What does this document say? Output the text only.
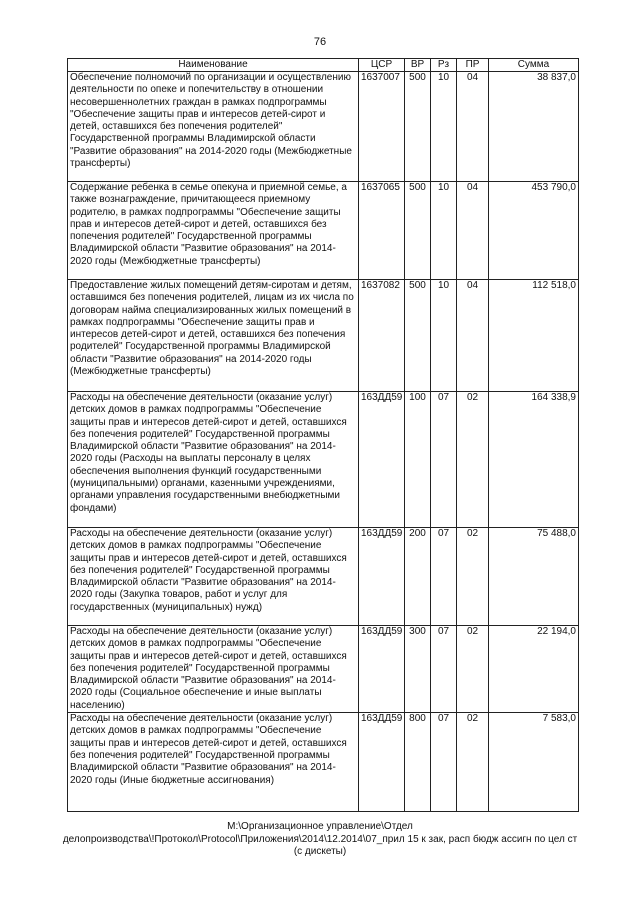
76
Наименование	ЦСР	ВР	Рз	ПР	Сумма
Обеспечение полномочий по организации и осуществлению деятельности по опеке и попечительству в отношении несовершеннолетних граждан в рамках подпрограммы "Обеспечение защиты прав и интересов детей-сирот и детей, оставшихся без попечения родителей" Государственной программы Владимирской области "Развитие образования" на 2014-2020 годы (Межбюджетные трансферты)	1637007	500	10	04	38 837,0
Содержание ребенка в семье опекуна и приемной семье, а также вознаграждение, причитающееся приемному родителю, в рамках подпрограммы "Обеспечение защиты прав и интересов детей-сирот и детей, оставшихся без попечения родителей" Государственной программы Владимирской области "Развитие образования" на 2014-2020 годы (Межбюджетные трансферты)	1637065	500	10	04	453 790,0
Предоставление жилых помещений детям-сиротам и детям, оставшимся без попечения родителей, лицам из их числа по договорам найма специализированных жилых помещений в рамках подпрограммы "Обеспечение защиты прав и интересов детей-сирот и детей, оставшихся без попечения родителей" Государственной программы Владимирской области "Развитие образования" на 2014-2020 годы (Межбюджетные трансферты)	1637082	500	10	04	112 518,0
Расходы на обеспечение деятельности (оказание услуг) детских домов в рамках подпрограммы "Обеспечение защиты прав и интересов детей-сирот и детей, оставшихся без попечения родителей" Государственной программы Владимирской области "Развитие образования" на 2014-2020 годы (Расходы на выплаты персоналу в целях обеспечения выполнения функций государственными (муниципальными) органами, казенными учреждениями, органами управления государственными внебюджетными фондами)	163ДД59	100	07	02	164 338,9
Расходы на обеспечение деятельности (оказание услуг) детских домов в рамках подпрограммы "Обеспечение защиты прав и интересов детей-сирот и детей, оставшихся без попечения родителей" Государственной программы Владимирской области "Развитие образования" на 2014-2020 годы (Закупка товаров, работ и услуг для государственных (муниципальных) нужд)	163ДД59	200	07	02	75 488,0
Расходы на обеспечение деятельности (оказание услуг) детских домов в рамках подпрограммы "Обеспечение защиты прав и интересов детей-сирот и детей, оставшихся без попечения родителей" Государственной программы Владимирской области "Развитие образования" на 2014-2020 годы (Социальное обеспечение и иные выплаты населению)	163ДД59	300	07	02	22 194,0
Расходы на обеспечение деятельности (оказание услуг) детских домов в рамках подпрограммы "Обеспечение защиты прав и интересов детей-сирот и детей, оставшихся без попечения родителей" Государственной программы Владимирской области "Развитие образования" на 2014-2020 годы (Иные бюджетные ассигнования)	163ДД59	800	07	02	7 583,0
М:\Организационное управление\Отдел
делопроизводства\!Протокол\Protocol\Приложения\2014\12.2014\07_прил 15 к зак, расп бюдж ассигн по цел ст
(с дискеты)
